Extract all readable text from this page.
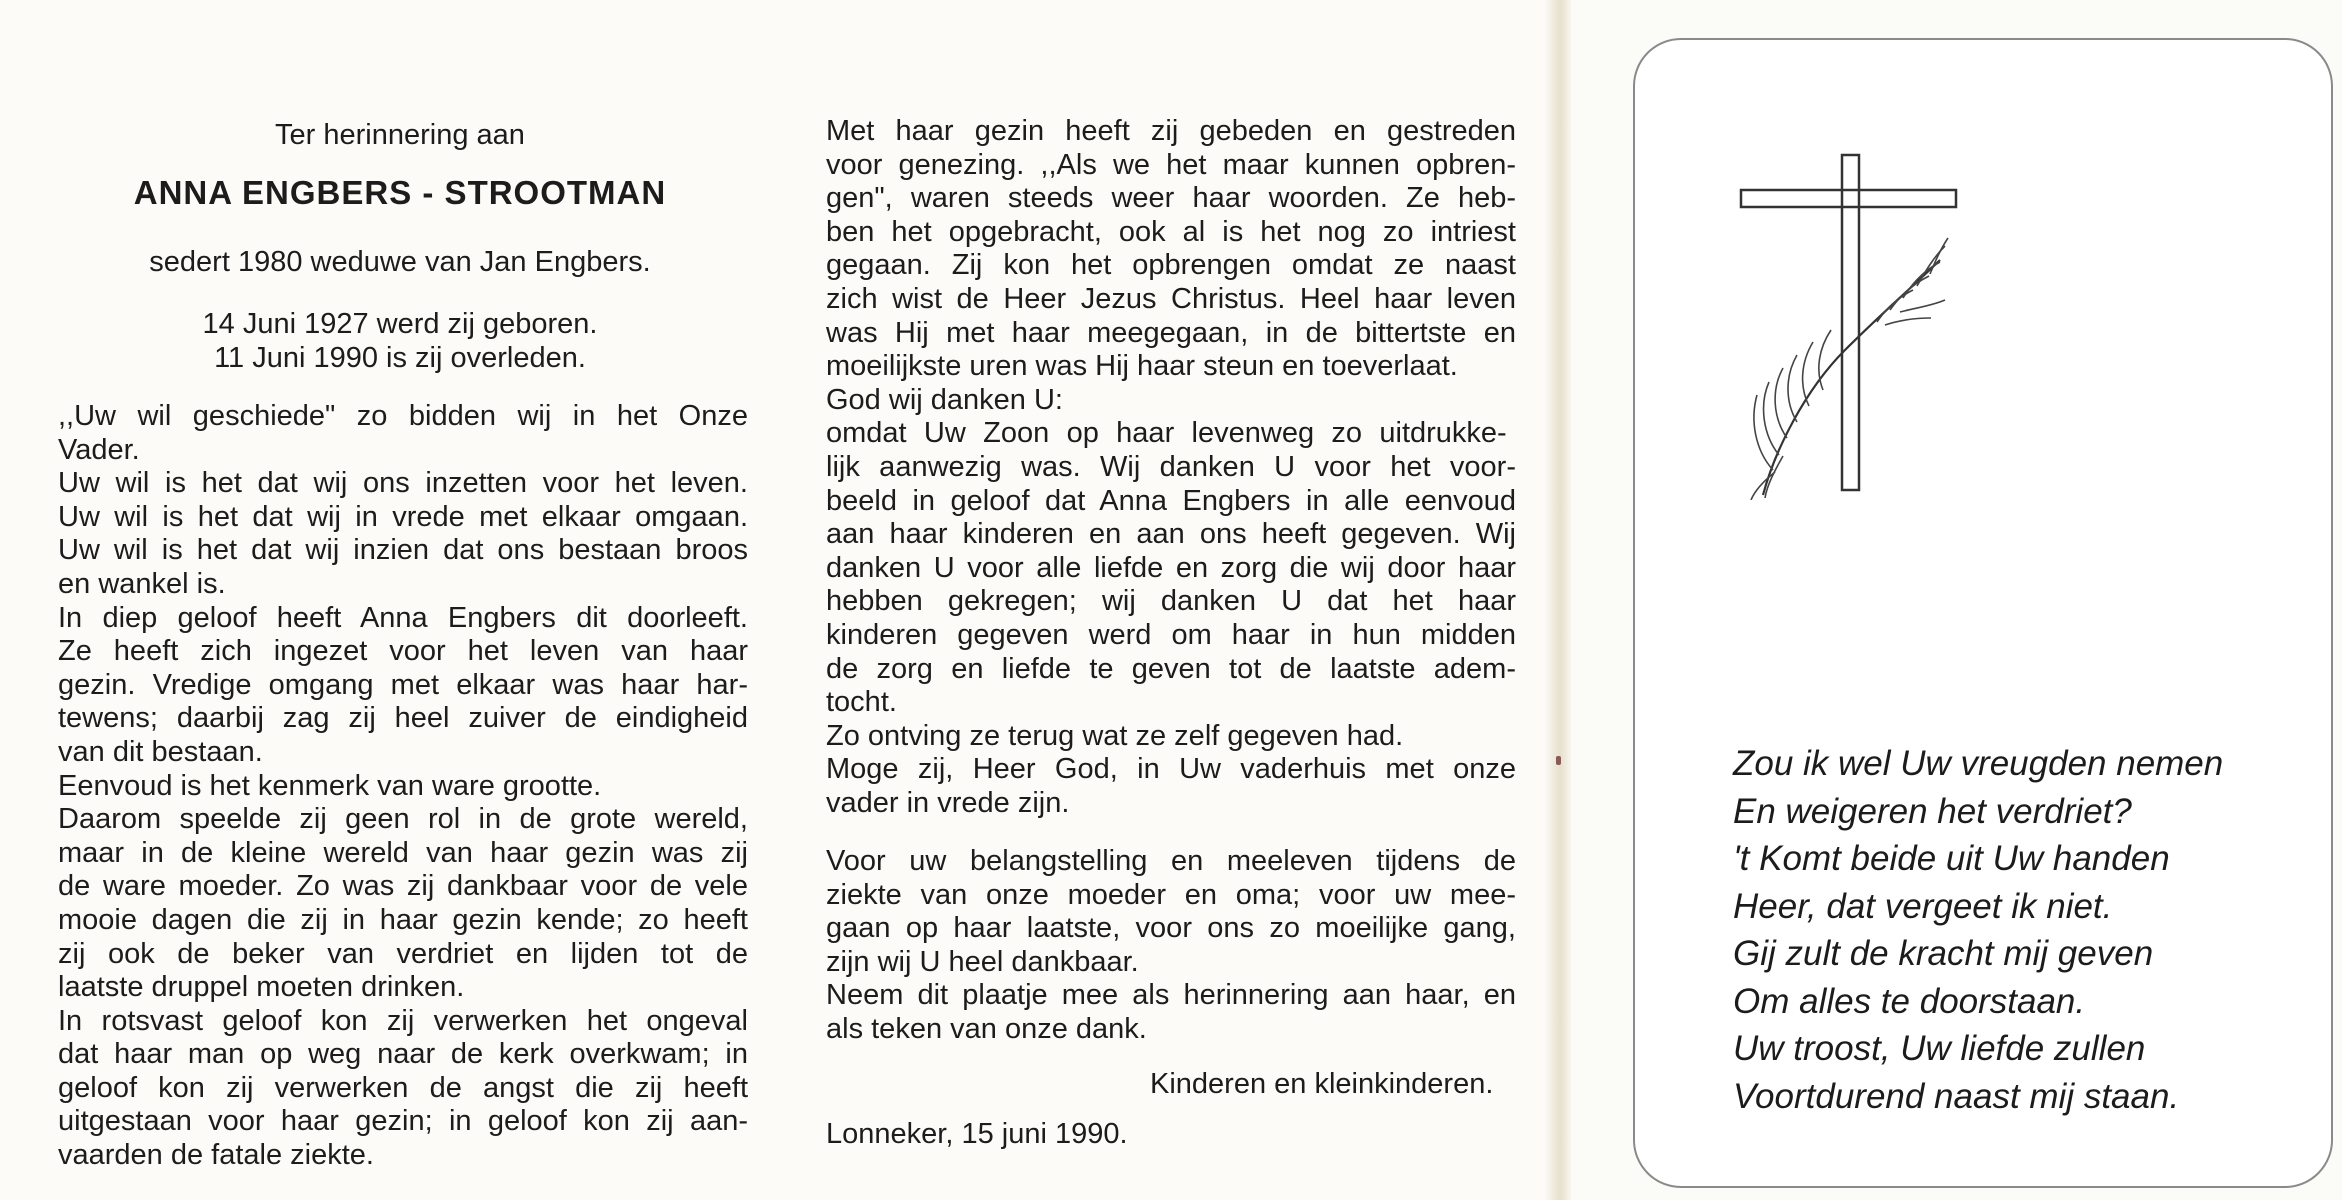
Ter herinnering aan
ANNA ENGBERS - STROOTMAN
sedert 1980 weduwe van Jan Engbers.
14 Juni 1927 werd zij geboren.
11 Juni 1990 is zij overleden.
,,Uw wil geschiede" zo bidden wij in het Onze
Vader.
Uw wil is het dat wij ons inzetten voor het leven.
Uw wil is het dat wij in vrede met elkaar omgaan.
Uw wil is het dat wij inzien dat ons bestaan broos
en wankel is.
In diep geloof heeft Anna Engbers dit doorleeft.
Ze heeft zich ingezet voor het leven van haar
gezin. Vredige omgang met elkaar was haar har-
tewens; daarbij zag zij heel zuiver de eindigheid
van dit bestaan.
Eenvoud is het kenmerk van ware grootte.
Daarom speelde zij geen rol in de grote wereld,
maar in de kleine wereld van haar gezin was zij
de ware moeder. Zo was zij dankbaar voor de vele
mooie dagen die zij in haar gezin kende; zo heeft
zij ook de beker van verdriet en lijden tot de
laatste druppel moeten drinken.
In rotsvast geloof kon zij verwerken het ongeval
dat haar man op weg naar de kerk overkwam; in
geloof kon zij verwerken de angst die zij heeft
uitgestaan voor haar gezin; in geloof kon zij aan-
vaarden de fatale ziekte.
Met haar gezin heeft zij gebeden en gestreden
voor genezing. ,,Als we het maar kunnen opbren-
gen", waren steeds weer haar woorden. Ze heb-
ben het opgebracht, ook al is het nog zo intriest
gegaan. Zij kon het opbrengen omdat ze naast
zich wist de Heer Jezus Christus. Heel haar leven
was Hij met haar meegegaan, in de bittertste en
moeilijkste uren was Hij haar steun en toeverlaat.
God wij danken U:
omdat Uw Zoon op haar levenweg zo uitdrukke-
lijk aanwezig was. Wij danken U voor het voor-
beeld in geloof dat Anna Engbers in alle eenvoud
aan haar kinderen en aan ons heeft gegeven. Wij
danken U voor alle liefde en zorg die wij door haar
hebben gekregen; wij danken U dat het haar
kinderen gegeven werd om haar in hun midden
de zorg en liefde te geven tot de laatste adem-
tocht.
Zo ontving ze terug wat ze zelf gegeven had.
Moge zij, Heer God, in Uw vaderhuis met onze
vader in vrede zijn.
Voor uw belangstelling en meeleven tijdens de
ziekte van onze moeder en oma; voor uw mee-
gaan op haar laatste, voor ons zo moeilijke gang,
zijn wij U heel dankbaar.
Neem dit plaatje mee als herinnering aan haar, en
als teken van onze dank.
Kinderen en kleinkinderen.
Lonneker, 15 juni 1990.
Zou ik wel Uw vreugden nemen
En weigeren het verdriet?
't Komt beide uit Uw handen
Heer, dat vergeet ik niet.
Gij zult de kracht mij geven
Om alles te doorstaan.
Uw troost, Uw liefde zullen
Voortdurend naast mij staan.
